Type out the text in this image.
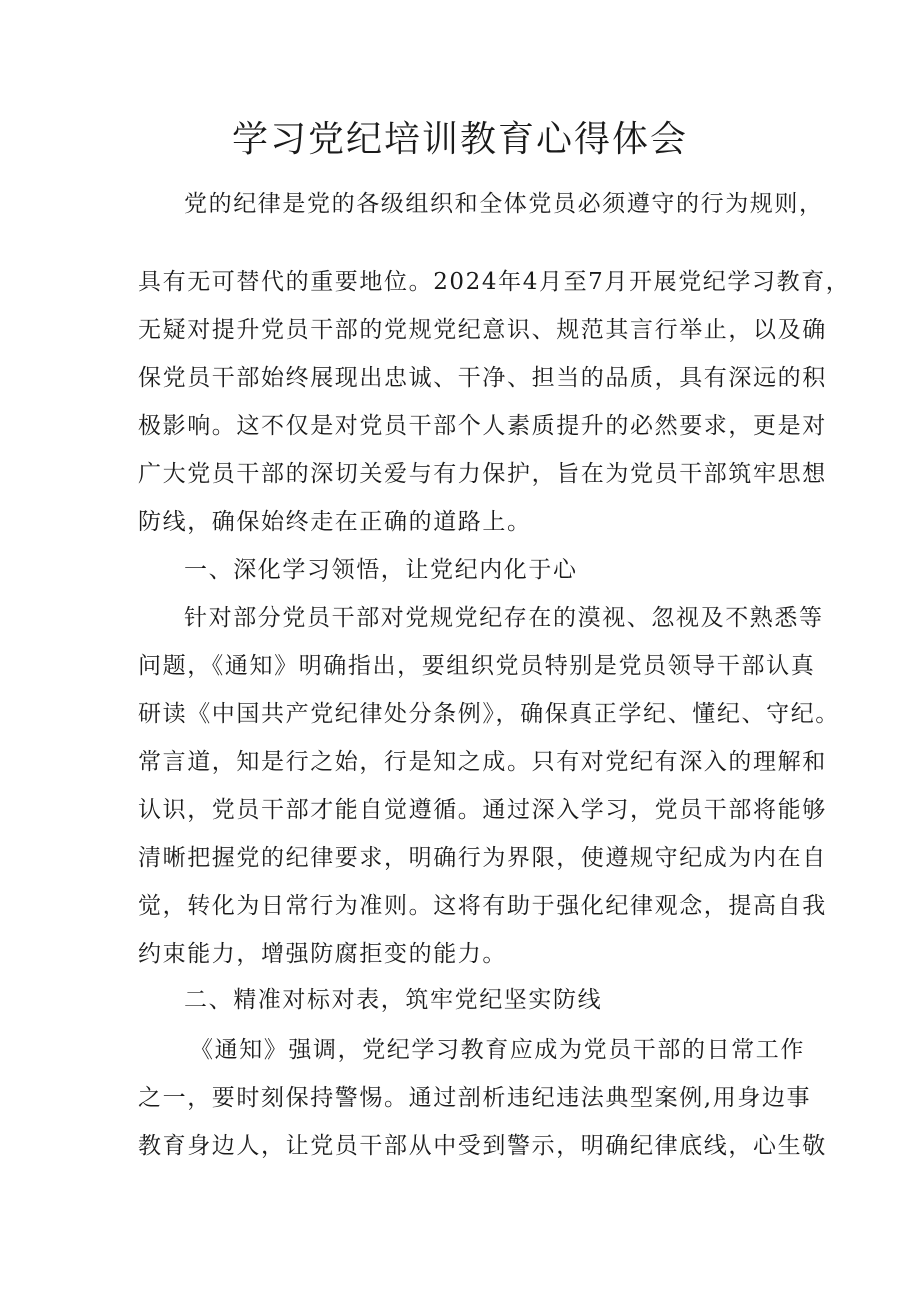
学习党纪培训教育心得体会
党的纪律是党的各级组织和全体党员必须遵守的行为规则，
具有无可替代的重要地位。2024年4月至7月开展党纪学习教育，
无疑对提升党员干部的党规党纪意识、规范其言行举止，以及确
保党员干部始终展现出忠诚、干净、担当的品质，具有深远的积
极影响。这不仅是对党员干部个人素质提升的必然要求，更是对
广大党员干部的深切关爱与有力保护，旨在为党员干部筑牢思想
防线，确保始终走在正确的道路上。
一、深化学习领悟，让党纪内化于心
针对部分党员干部对党规党纪存在的漠视、忽视及不熟悉等
问题，《通知》明确指出，要组织党员特别是党员领导干部认真
研读《中国共产党纪律处分条例》，确保真正学纪、懂纪、守纪。
常言道，知是行之始，行是知之成。只有对党纪有深入的理解和
认识，党员干部才能自觉遵循。通过深入学习，党员干部将能够
清晰把握党的纪律要求，明确行为界限，使遵规守纪成为内在自
觉，转化为日常行为准则。这将有助于强化纪律观念，提高自我
约束能力，增强防腐拒变的能力。
二、精准对标对表，筑牢党纪坚实防线
《通知》强调，党纪学习教育应成为党员干部的日常工作
之一，要时刻保持警惕。通过剖析违纪违法典型案例,用身边事
教育身边人，让党员干部从中受到警示，明确纪律底线，心生敬
